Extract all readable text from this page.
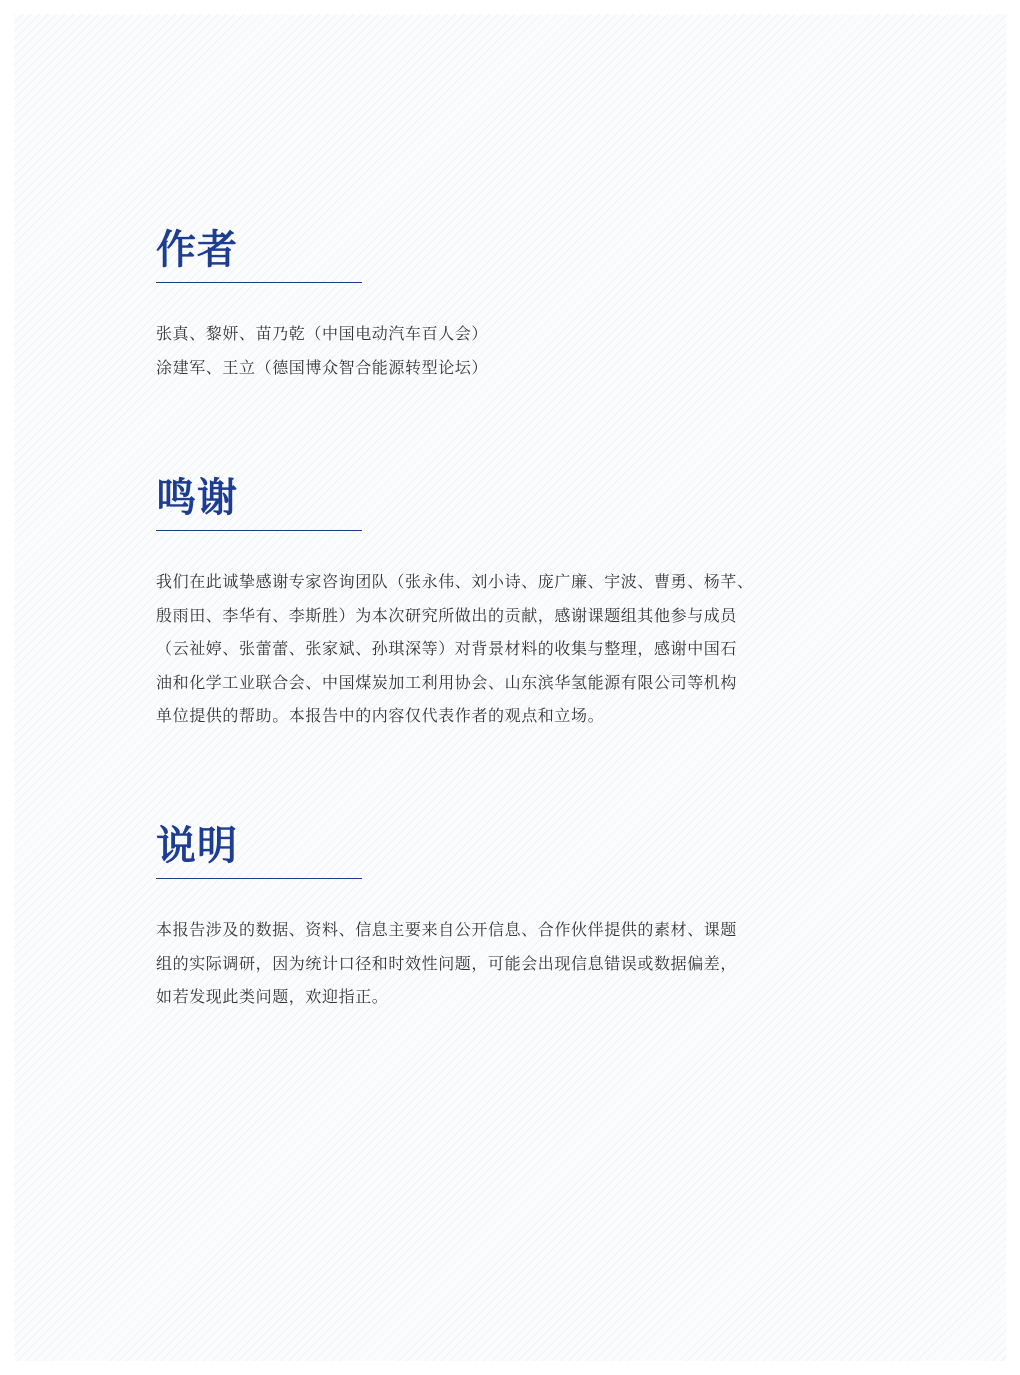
作者

张真、黎妍、苗乃乾（中国电动汽车百人会）
涂建军、王立（德国博众智合能源转型论坛）

鸣谢

我们在此诚挚感谢专家咨询团队（张永伟、刘小诗、庞广廉、宇波、曹勇、杨芊、
殷雨田、李华有、李斯胜）为本次研究所做出的贡献，感谢课题组其他参与成员
（云祉婷、张蕾蕾、张家斌、孙琪深等）对背景材料的收集与整理，感谢中国石
油和化学工业联合会、中国煤炭加工利用协会、山东滨华氢能源有限公司等机构
单位提供的帮助。本报告中的内容仅代表作者的观点和立场。

说明

本报告涉及的数据、资料、信息主要来自公开信息、合作伙伴提供的素材、课题
组的实际调研，因为统计口径和时效性问题，可能会出现信息错误或数据偏差，
如若发现此类问题，欢迎指正。
